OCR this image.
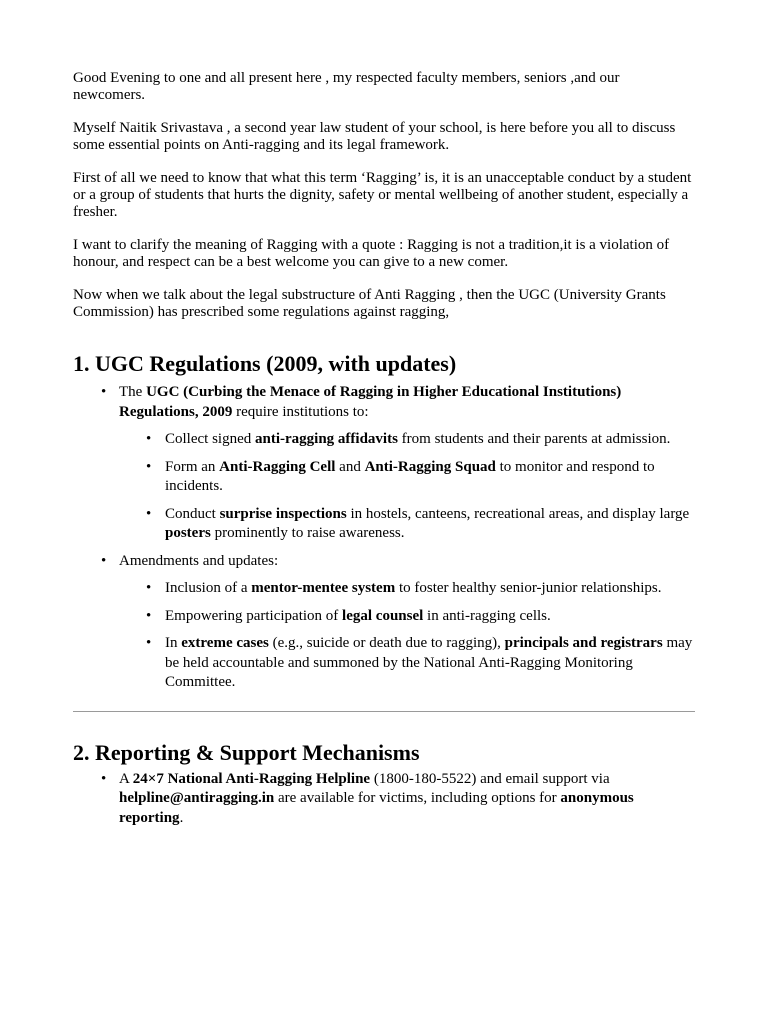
Good Evening to one and all present here , my respected faculty members, seniors ,and our newcomers.

Myself Naitik Srivastava , a second year law student of your school, is here before you all to discuss some essential points on Anti-ragging and its legal framework.

First of all we need to know that what this term ‘Ragging’ is, it is an unacceptable conduct by a student or a group of students that hurts the dignity, safety or mental wellbeing of another student, especially a fresher.

I want to clarify the meaning of Ragging with a quote : Ragging is not a tradition,it is a violation of honour, and respect can be a best welcome you can give to a new comer.

Now when we talk about the legal substructure of Anti Ragging , then the UGC (University Grants Commission) has prescribed some regulations against ragging,

1. UGC Regulations (2009, with updates)
• The UGC (Curbing the Menace of Ragging in Higher Educational Institutions) Regulations, 2009 require institutions to:
• Collect signed anti-ragging affidavits from students and their parents at admission.
• Form an Anti-Ragging Cell and Anti-Ragging Squad to monitor and respond to incidents.
• Conduct surprise inspections in hostels, canteens, recreational areas, and display large posters prominently to raise awareness.
• Amendments and updates:
• Inclusion of a mentor-mentee system to foster healthy senior-junior relationships.
• Empowering participation of legal counsel in anti-ragging cells.
• In extreme cases (e.g., suicide or death due to ragging), principals and registrars may be held accountable and summoned by the National Anti-Ragging Monitoring Committee.
2. Reporting & Support Mechanisms
• A 24×7 National Anti-Ragging Helpline (1800-180-5522) and email support via helpline@antiragging.in are available for victims, including options for anonymous reporting.
